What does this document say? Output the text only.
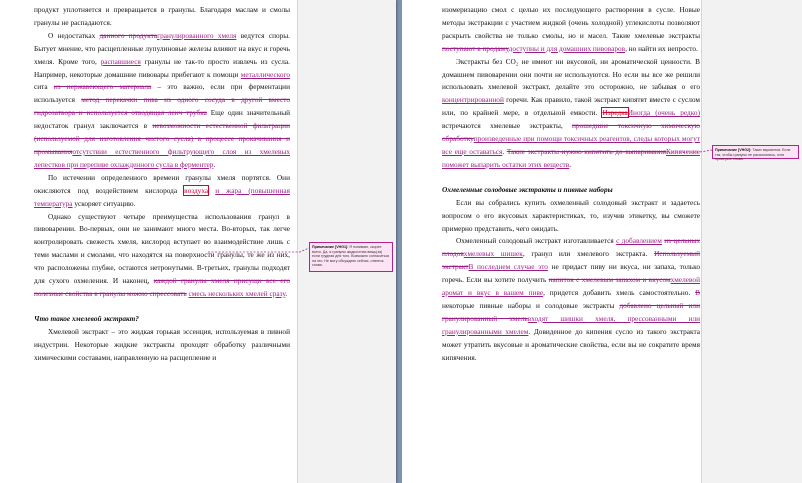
продукт уплотняется и превращается в гранулы. Благодаря маслам и смолы гранулы не распадаются.

О недостатках данного продуктагранулированного хмеля ведутся споры. Бытует мнение, что расщепленные лупулиновые железы влияют на вкус и горечь хмеля. Кроме того, распавшиеся гранулы не так-то просто извлечь из сусла. Например, некоторые домашние пивовары прибегают к помощи металлического сита из нержавеющего материала – это важно, если при ферментации используется метод перекачки пива из одного сосуда в другой вместо гидрозатвора и используется отводящая ленч трубка Еще один значительный недостаток гранул заключается в невозможности естественной фильтрации (используемой для изготовления чистого сусла) в процессе прокачивания и промыванияотсутствии естественного фильтрующего слоя из хмелевых лепестков при перепиве охлажденного сусла в ферментер.

По истечении определенного времени гранулы хмеля портятся. Они окисляются под воздействием кислорода воздуха и жара (повышенная температура ускоряет ситуацию.

Однако существуют четыре преимущества использования гранул в пивоварении. Во-первых, они не занимают много места. Во-вторых, так легче контролировать свежесть хмеля, кислород вступает во взаимодействие лишь с теми маслами и смолами, что находятся на поверхности гранулы, те же из них, что расположены глубже, остаются нетронутыми. В-третьих, гранулы подходят для сухого охмеления. И наконец, каждой гранулы хмеля присущи все его полезные свойства в гранулы можно спрессовать смесь нескольких хмелей сразу.

Что такое хмелевой экстракт?

Хмелевой экстракт – это жидкая горькая эссенция, используемая в пивной индустрии. Некоторые жидкие экстракты проходят обработку различными химическими составами, направленную на расщепление и

изомеризацию смол с целью их последующего растворения в сусле. Новые методы экстракции с участием жидкой (очень холодной) углекислоты позволяют раскрыть свойства не только смолы, но и масел. Такие хмелевые экстракты поступают в продажудоступны и для домашних пивоваров, но найти их непросто.

Экстракты без CO₂ не имеют ни вкусовой, ни ароматической ценности. В домашнем пивоварении они почти не используются. Но если вы все же решили использовать хмелевой экстракт, делайте это осторожно, не забывая о его концентрированной горечи. Как правило, такой экстракт кипятят вместе с суслом или, по крайней мере, в отдельной емкости. ИзредкаИногда (очень редко) встречаются хмелевые экстракты, прошедшие токсичную химическую обработкупроизведенные при помощи токсичных реагентов, следы которых могут все еще оставаться. Такие экстракты нужно кипятить до выпариванияКипячение поможет выпарить остатки этих веществ.

Охмеленные солодовые экстракты и пивные наборы

Если вы собрались купить охмеленный солодовый экстракт и задаетесь вопросом о его вкусовых характеристиках, то, изучив этикетку, вы сможете примерно представить, чего ожидать.

Охмеленный солодовый экстракт изготавливается с добавлением из цельных плодовхмелевых шишек, гранул или хмелевого экстракта. Используемый экстрактВ последнем случае это не придаст пиву ни вкуса, ни запаха, только горечь. Если вы хотите получить напиток с хмелевым запахом и вкусомхмелевой аромат и вкус в вашем пиве, придется добавить хмель самостоятельно. В некоторые пивные наборы и солодовые экстракты добавлено цельный или гранулированный хмельвходят шишки хмеля, прессованными или гранулированными хмелем. Довиденное до кипения сусло из такого экстракта может утратить вкусовые и ароматические свойства, если вы не сократите время кипячения.

Примечание [VHG1]: Я понимаю, скорее всего. Да, я гранулы жидкостная вещь(за) если трудная для того. Возможно согласиться на это. Не могу обсуждать сейчас, отвлечь снова.
Примечание [VHG2]: Таких вариантов. Если так, чтобы гранулы не рассыпались, хотя проверьте снова.
